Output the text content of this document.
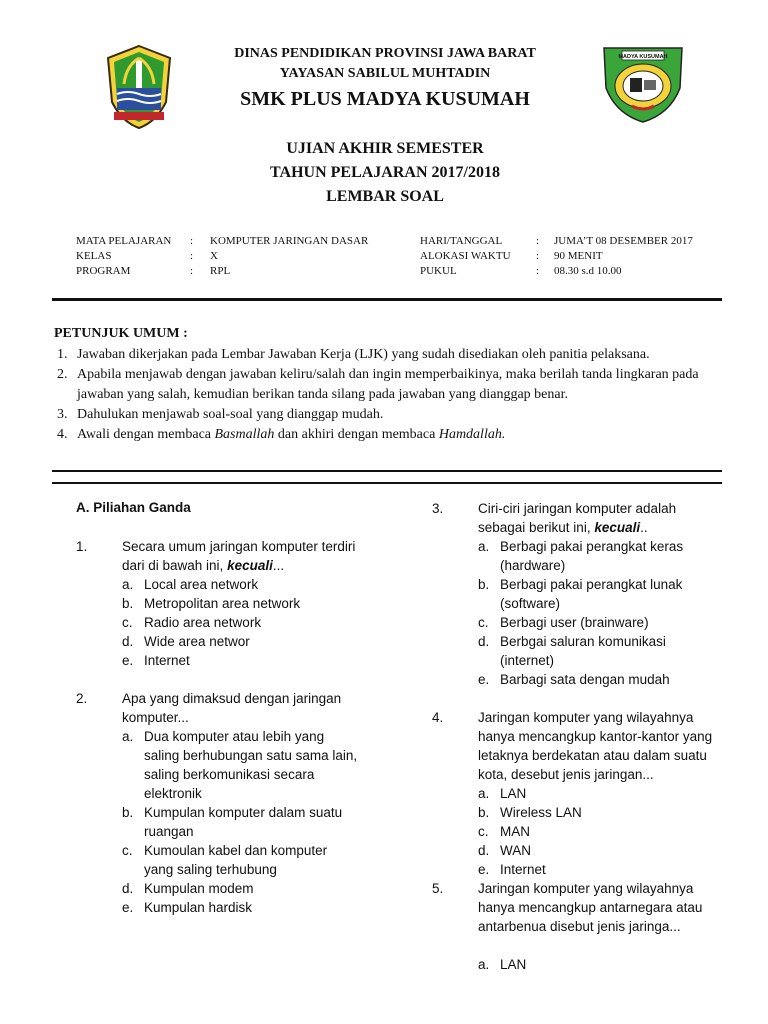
DINAS PENDIDIKAN PROVINSI JAWA BARAT
YAYASAN SABILUL MUHTADIN
SMK PLUS MADYA KUSUMAH
MADYA KUSUMAH
UJIAN AKHIR SEMESTER
TAHUN PELAJARAN 2017/2018
LEMBAR SOAL
MATA PELAJARAN : KOMPUTER JARINGAN DASAR
KELAS	: X
PROGRAM	: RPL
HARI/TANGGAL	: JUMA’T 08 DESEMBER 2017
ALOKASI WAKTU : 90 MENIT
PUKUL	: 08.30 s.d 10.00
PETUNJUK UMUM :
1. Jawaban dikerjakan pada Lembar Jawaban Kerja (LJK) yang sudah disediakan oleh panitia pelaksana.
2. Apabila menjawab dengan jawaban keliru/salah dan ingin memperbaikinya, maka berilah tanda lingkaran pada jawaban yang salah, kemudian berikan tanda silang pada jawaban yang dianggap benar.
3. Dahulukan menjawab soal-soal yang dianggap mudah.
4. Awali dengan membaca Basmallah dan akhiri dengan membaca Hamdallah.
A. Piliahan Ganda
1.	Secara umum jaringan komputer terdiri
dari di bawah ini, kecuali...
a. Local area network
b. Metropolitan area network
c. Radio area network
d. Wide area networ
e. Internet
2.	Apa yang dimaksud dengan jaringan
komputer...
a. Dua komputer atau lebih yang
saling berhubungan satu sama lain,
saling berkomunikasi secara
elektronik
b. Kumpulan komputer dalam suatu
ruangan
c. Kumoulan kabel dan komputer
yang saling terhubung
d. Kumpulan modem
e. Kumpulan hardisk
3.	Ciri-ciri jaringan komputer adalah
sebagai berikut ini, kecuali..
a. Berbagi pakai perangkat keras
(hardware)
b. Berbagi pakai perangkat lunak
(software)
c. Berbagi user (brainware)
d. Berbgai saluran komunikasi
(internet)
e. Barbagi sata dengan mudah
4.	Jaringan komputer yang wilayahnya
hanya mencangkup kantor-kantor yang
letaknya berdekatan atau dalam suatu
kota, desebut jenis jaringan...
a. LAN
b. Wireless LAN
c. MAN
d. WAN
e. Internet
5.	Jaringan komputer yang wilayahnya
hanya mencangkup antarnegara atau
antarbenua disebut jenis jaringa...
a. LAN
